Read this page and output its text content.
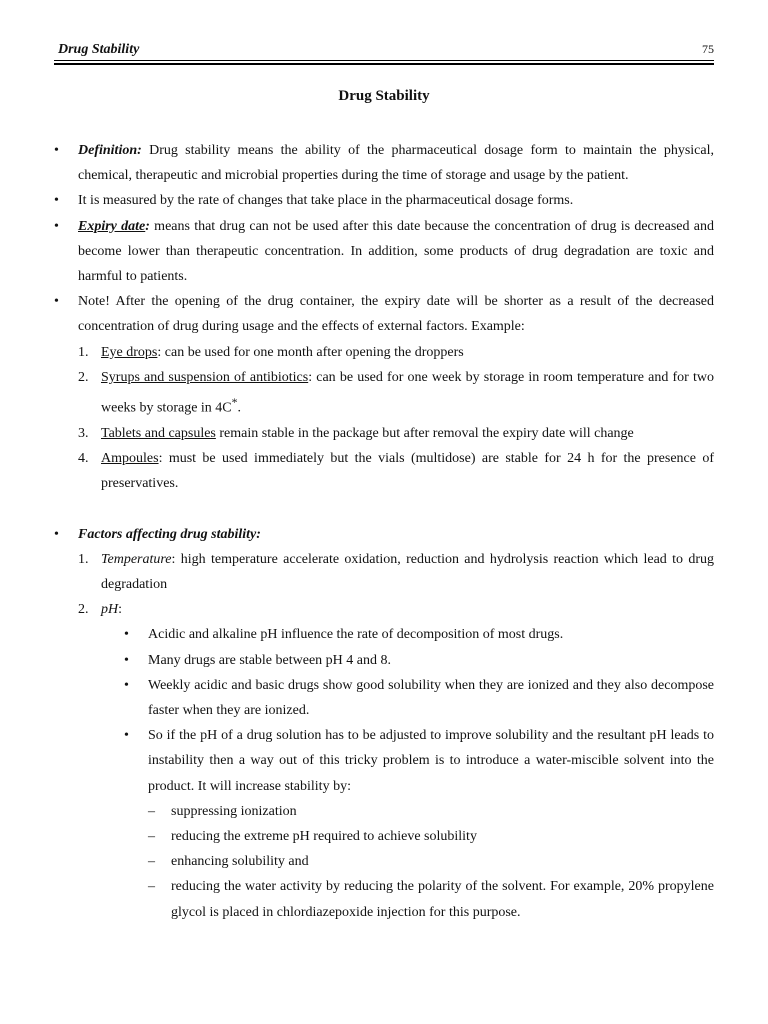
Drug Stability	75
Drug Stability
• Definition: Drug stability means the ability of the pharmaceutical dosage form to maintain the physical, chemical, therapeutic and microbial properties during the time of storage and usage by the patient.
• It is measured by the rate of changes that take place in the pharmaceutical dosage forms.
• Expiry date: means that drug can not be used after this date because the concentration of drug is decreased and become lower than therapeutic concentration. In addition, some products of drug degradation are toxic and harmful to patients.
• Note! After the opening of the drug container, the expiry date will be shorter as a result of the decreased concentration of drug during usage and the effects of external factors. Example:
1. Eye drops: can be used for one month after opening the droppers
2. Syrups and suspension of antibiotics: can be used for one week by storage in room temperature and for two weeks by storage in 4C*.
3. Tablets and capsules remain stable in the package but after removal the expiry date will change
4. Ampoules: must be used immediately but the vials (multidose) are stable for 24 h for the presence of preservatives.
• Factors affecting drug stability:
1. Temperature: high temperature accelerate oxidation, reduction and hydrolysis reaction which lead to drug degradation
2. pH:
• Acidic and alkaline pH influence the rate of decomposition of most drugs.
• Many drugs are stable between pH 4 and 8.
• Weekly acidic and basic drugs show good solubility when they are ionized and they also decompose faster when they are ionized.
• So if the pH of a drug solution has to be adjusted to improve solubility and the resultant pH leads to instability then a way out of this tricky problem is to introduce a water-miscible solvent into the product. It will increase stability by:
– suppressing ionization
– reducing the extreme pH required to achieve solubility
– enhancing solubility and
– reducing the water activity by reducing the polarity of the solvent. For example, 20% propylene glycol is placed in chlordiazepoxide injection for this purpose.
